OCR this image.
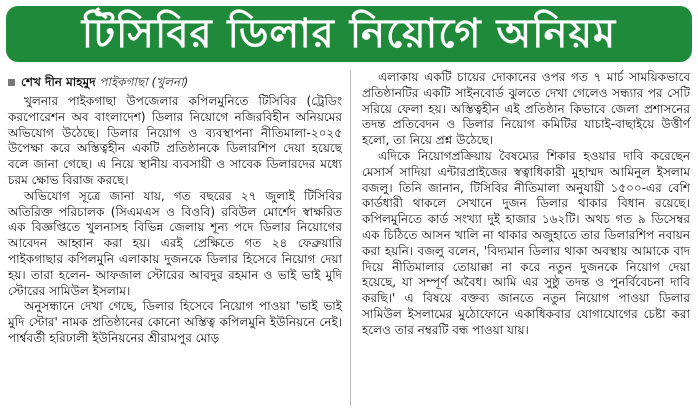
টিসিবির ডিলার নিয়োগে অনিয়ম
শেখ দীন মাহমুদ পাইকগাছা (খুলনা)

খুলনার পাইকগাছা উপজেলার কপিলমুনিতে টিসিবির (ট্রেডিং করপোরেশন অব বাংলাদেশ) ডিলার নিয়োগে নজিরবিহীন অনিয়মের অভিযোগ উঠেছে। ডিলার নিয়োগ ও ব্যবস্থাপনা নীতিমালা-২০২৫ উপেক্ষা করে অস্তিত্বহীন একটি প্রতিষ্ঠানকে ডিলারশিপ দেয়া হয়েছে বলে জানা গেছে। এ নিয়ে স্থানীয় ব্যবসায়ী ও সাবেক ডিলারদের মধ্যে চরম ক্ষোভ বিরাজ করছে।

অভিযোগ সূত্রে জানা যায়, গত বছরের ২৭ জুলাই টিসিবির অতিরিক্ত পরিচালক (সিএমএস ও বিওবি) রবিউল মোর্শেদ স্বাক্ষরিত এক বিজ্ঞপ্তিতে খুলনাসহ বিভিন্ন জেলায় শূন্য পদে ডিলার নিয়োগের আবেদন আহ্বান করা হয়। এরই প্রেক্ষিতে গত ২৪ ফেব্রুয়ারি পাইকগাছার কপিলমুনি এলাকায় দুজনকে ডিলার হিসেবে নিয়োগ দেয়া হয়। তারা হলেন- আফজাল স্টোরের আবদুর রহমান ও ভাই ভাই মুদি স্টোরের সামিউল ইসলাম।

অনুসন্ধানে দেখা গেছে, ডিলার হিসেবে নিয়োগ পাওয়া 'ভাই ভাই মুদি স্টোর' নামক প্রতিষ্ঠানের কোনো অস্তিত্ব কপিলমুনি ইউনিয়নে নেই। পার্শ্ববর্তী হরিঢালী ইউনিয়নের শ্রীরামপুর মোড়

এলাকায় একটি চায়ের দোকানের ওপর গত ৭ মার্চ সাময়িকভাবে প্রতিষ্ঠানটির একটি সাইনবোর্ড ঝুলতে দেখা গেলেও সন্ধ্যার পর সেটি সরিয়ে ফেলা হয়। অস্তিত্বহীন এই প্রতিষ্ঠান কিভাবে জেলা প্রশাসনের তদন্ত প্রতিবেদন ও ডিলার নিয়োগ কমিটির যাচাই-বাছাইয়ে উত্তীর্ণ হলো, তা নিয়ে প্রশ্ন উঠেছে।

এদিকে নিয়োগপ্রক্রিয়ায় বৈষম্যের শিকার হওয়ার দাবি করেছেন মেসার্স সাদিয়া এন্টারপ্রাইজের স্বত্বাধিকারী মুহাম্মদ আমিনুল ইসলাম বজলু। তিনি জানান, টিসিবির নীতিমালা অনুযায়ী ১৫০০-এর বেশি কার্ডধারী থাকলে সেখানে দুজন ডিলার থাকার বিধান রয়েছে। কপিলমুনিতে কার্ড সংখ্যা দুই হাজার ১৬২টি। অথচ গত ৯ ডিসেম্বর এক চিঠিতে আসন খালি না থাকার অজুহাতে তার ডিলারশিপ নবায়ন করা হয়নি। বজলু বলেন, 'বিদ্যমান ডিলার থাকা অবস্থায় আমাকে বাদ দিয়ে নীতিমালার তোয়াক্কা না করে নতুন দুজনকে নিয়োগ দেয়া হয়েছে, যা সম্পূর্ণ অবৈধ। আমি এর সুষ্ঠু তদন্ত ও পুনর্বিবেচনা দাবি করছি।' এ বিষয়ে বক্তব্য জানতে নতুন নিয়োগ পাওয়া ডিলার সামিউল ইসলামের মুঠোফোনে একাধিকবার যোগাযোগের চেষ্টা করা হলেও তার নম্বরটি বন্ধ পাওয়া যায়।
